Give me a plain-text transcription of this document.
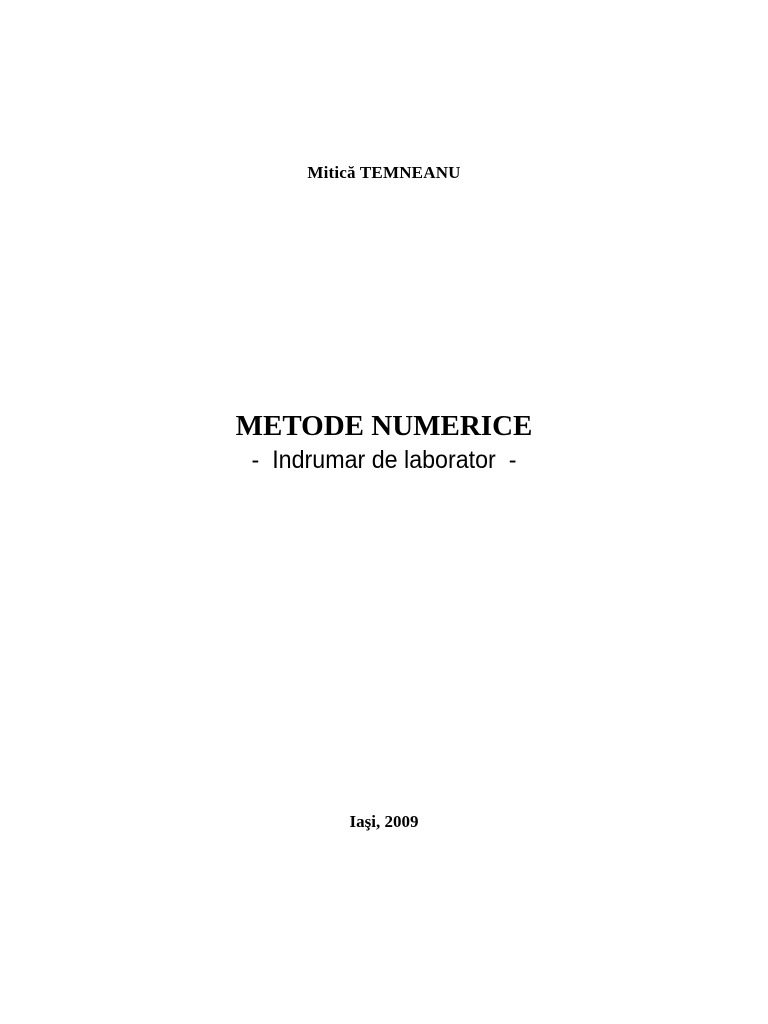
Mitică TEMNEANU
METODE NUMERICE
-  Indrumar de laborator  -
Iaşi, 2009
